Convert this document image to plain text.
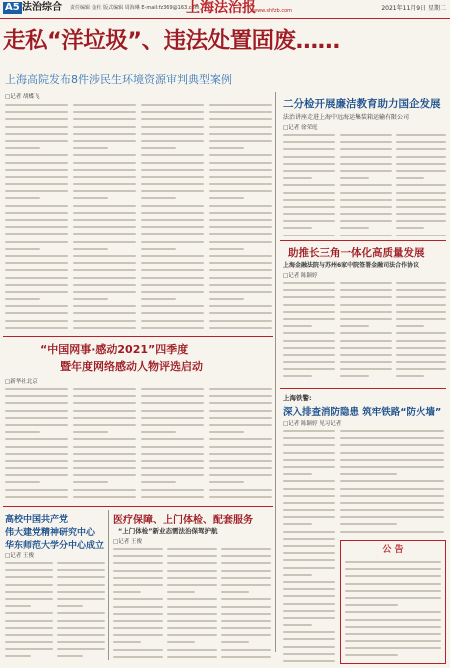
A5 法治综合 责任编辑 金杜 版式编辑 周海琳 E-mail:fz369@163.com
上海法治报
www.shfzb.com	2021年11月9日 星期二
走私“洋垃圾”、违法处置固废……
上海高院发布8件涉民生环境资源审判典型案例
□记者 胡蝶飞
二分检开展廉洁教育助力国企发展
法治讲座走进上海中远海运集装箱运输有限公司
□记者 徐荣庭
助推长三角一体化高质量发展
上海金融法院与苏州6家中院签署金融司法合作协议
□记者 陈颖婷
“中国网事·感动2021”四季度
暨年度网络感动人物评选启动
□新华社北京
高校中国共产党
伟大建党精神研究中心
华东师范大学分中心成立
□记者 王俊
医疗保障、上门体检、配套服务
“上门体检”新业态需法治保驾护航
□记者 王俊
上海铁警:
深入排查消防隐患 筑牢铁路“防火墙”
□记者 陈颖婷 见习记者
公 告
